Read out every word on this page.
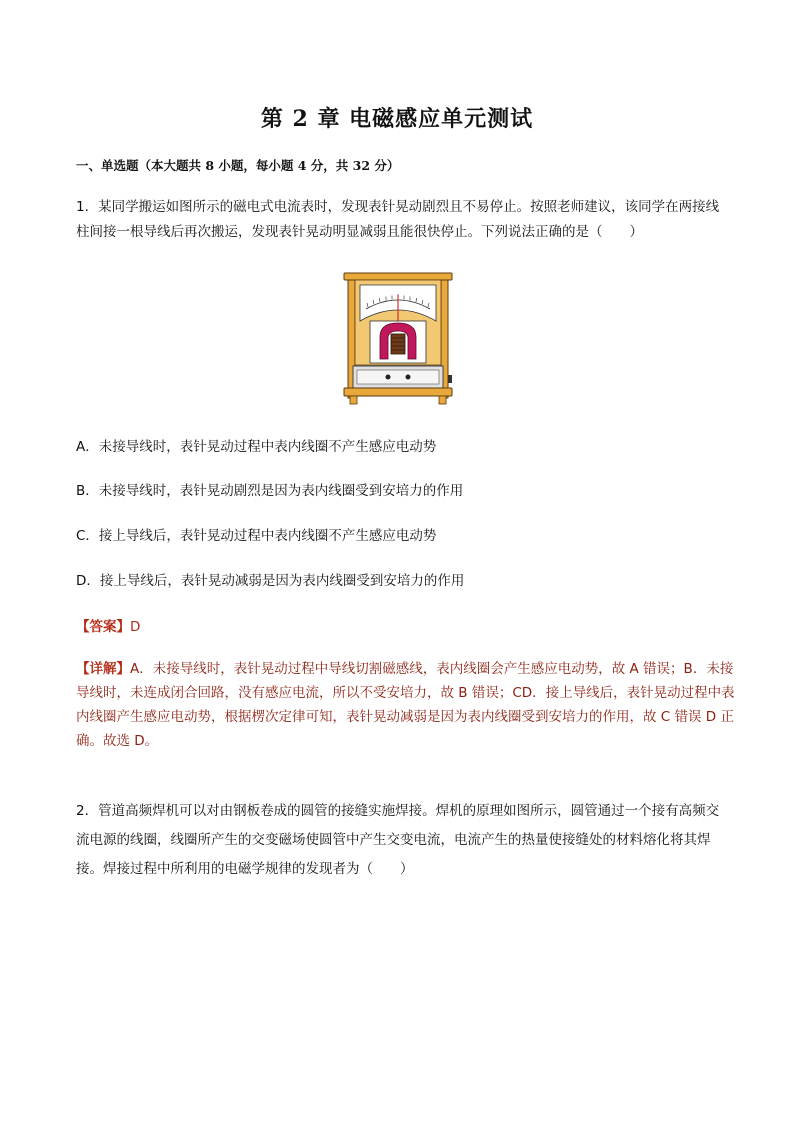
第 2 章 电磁感应单元测试
一、单选题（本大题共 8 小题，每小题 4 分，共 32 分）

1．某同学搬运如图所示的磁电式电流表时，发现表针晃动剧烈且不易停止。按照老师建议，该同学在两接线柱间接一根导线后再次搬运，发现表针晃动明显减弱且能很快停止。下列说法正确的是（　　）

A．未接导线时，表针晃动过程中表内线圈不产生感应电动势
B．未接导线时，表针晃动剧烈是因为表内线圈受到安培力的作用
C．接上导线后，表针晃动过程中表内线圈不产生感应电动势
D．接上导线后，表针晃动减弱是因为表内线圈受到安培力的作用
【答案】D

【详解】A．未接导线时，表针晃动过程中导线切割磁感线，表内线圈会产生感应电动势，故 A 错误；B．未接导线时，未连成闭合回路，没有感应电流，所以不受安培力，故 B 错误；CD．接上导线后，表针晃动过程中表内线圈产生感应电动势，根据楞次定律可知，表针晃动减弱是因为表内线圈受到安培力的作用，故 C 错误 D 正确。故选 D。

2．管道高频焊机可以对由钢板卷成的圆管的接缝实施焊接。焊机的原理如图所示，圆管通过一个接有高频交流电源的线圈，线圈所产生的交变磁场使圆管中产生交变电流，电流产生的热量使接缝处的材料熔化将其焊接。焊接过程中所利用的电磁学规律的发现者为（　　）
